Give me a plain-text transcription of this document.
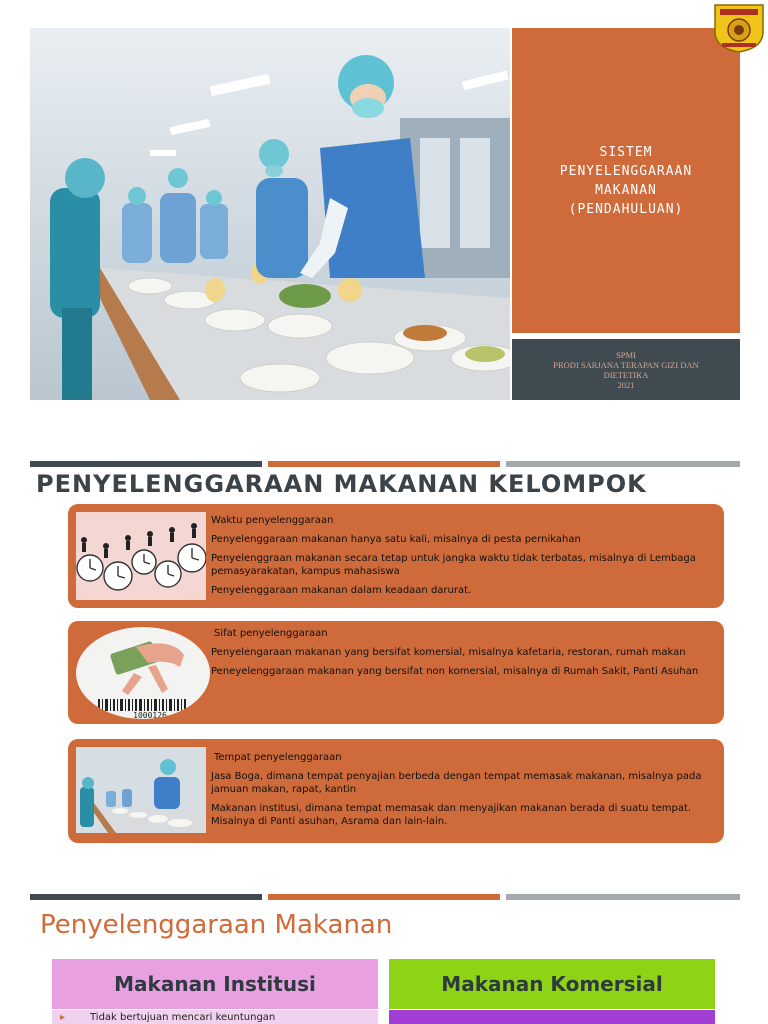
SISTEM
PENYELENGGARAAN
MAKANAN
(PENDAHULUAN)
SPMI
PRODI SARJANA TERAPAN GIZI DAN
DIETETIKA
2021
PENYELENGGARAAN MAKANAN KELOMPOK

Waktu penyelenggaraan

Penyelenggaraan makanan hanya satu kali, misalnya di pesta pernikahan

Penyelenggraan makanan secara tetap untuk jangka waktu tidak terbatas, misalnya di Lembaga pemasyarakatan, kampus mahasiswa

Penyelenggaraan makanan dalam keadaan darurat.

1000126

Sifat penyelenggaraan

Penyelengaraan makanan yang bersifat komersial, misalnya kafetaria, restoran, rumah makan

Peneyelenggaraan makanan yang bersifat non komersial, misalnya di Rumah Sakit, Panti Asuhan

Tempat penyelenggaraan

Jasa Boga, dimana tempat penyajian berbeda dengan tempat memasak makanan, misalnya pada jamuan makan, rapat, kantin

Makanan institusi, dimana tempat memasak dan menyajikan makanan berada di suatu tempat. Misalnya di Panti asuhan, Asrama dan lain-lain.

Penyelenggaraan Makanan
Makanan Institusi	Makanan Komersial
▸ Tidak bertujuan mencari keuntungan
